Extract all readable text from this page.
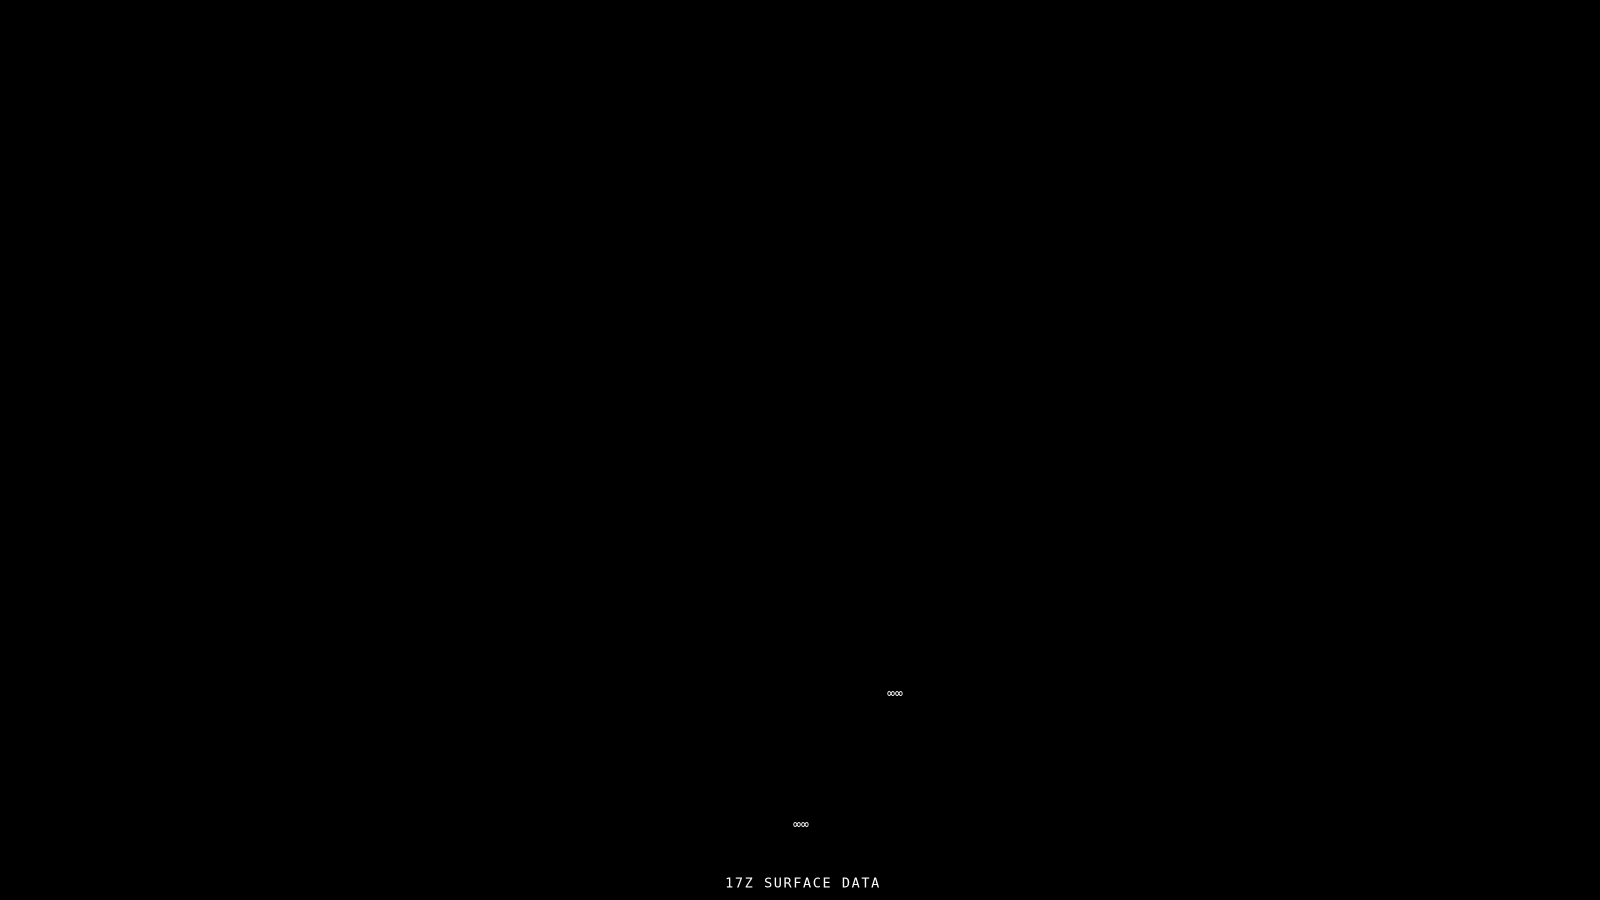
∞∞
∞∞
17Z SURFACE DATA
